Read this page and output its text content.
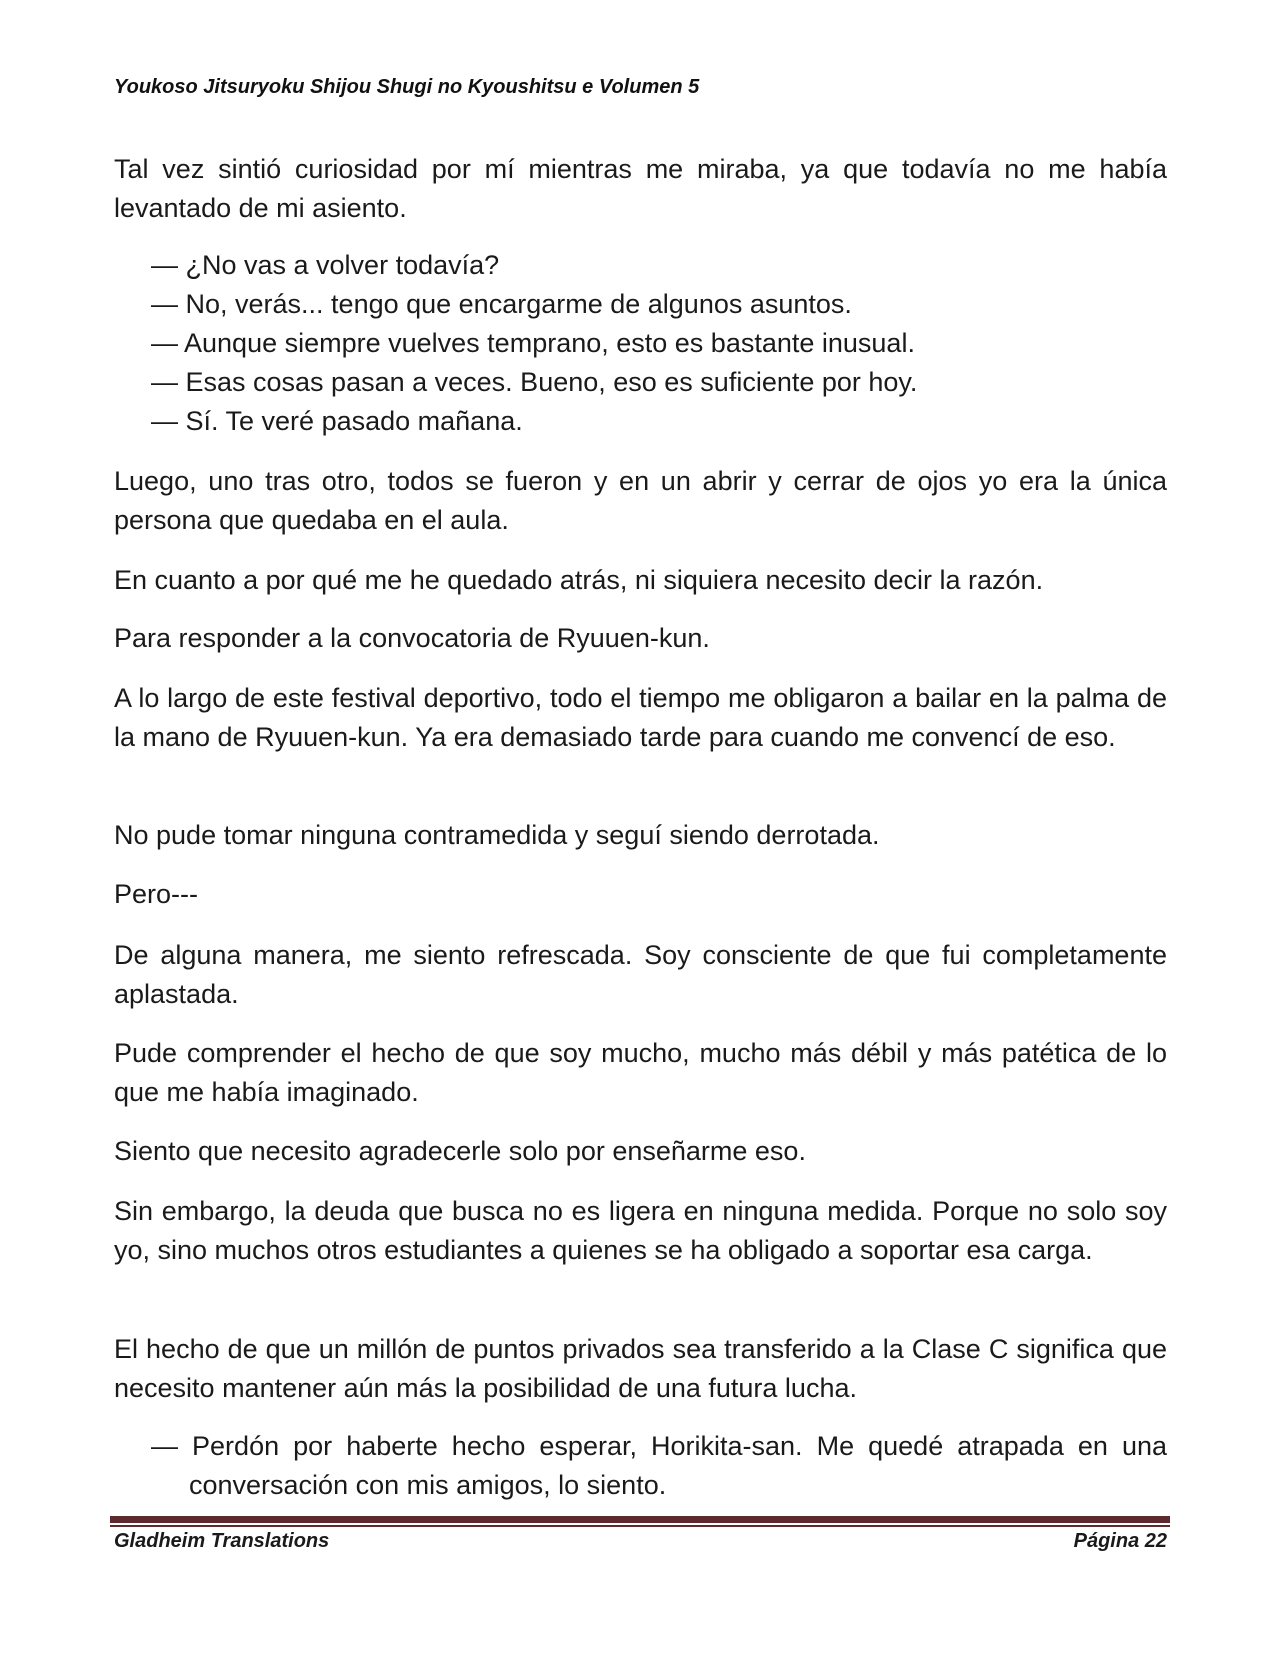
Youkoso Jitsuryoku Shijou Shugi no Kyoushitsu e Volumen 5
Tal vez sintió curiosidad por mí mientras me miraba, ya que todavía no me había levantado de mi asiento.
— ¿No vas a volver todavía?
— No, verás... tengo que encargarme de algunos asuntos.
— Aunque siempre vuelves temprano, esto es bastante inusual.
— Esas cosas pasan a veces. Bueno, eso es suficiente por hoy.
— Sí. Te veré pasado mañana.
Luego, uno tras otro, todos se fueron y en un abrir y cerrar de ojos yo era la única persona que quedaba en el aula.
En cuanto a por qué me he quedado atrás, ni siquiera necesito decir la razón.
Para responder a la convocatoria de Ryuuen-kun.
A lo largo de este festival deportivo, todo el tiempo me obligaron a bailar en la palma de la mano de Ryuuen-kun. Ya era demasiado tarde para cuando me convencí de eso.
No pude tomar ninguna contramedida y seguí siendo derrotada.
Pero---
De alguna manera, me siento refrescada. Soy consciente de que fui completamente aplastada.
Pude comprender el hecho de que soy mucho, mucho más débil y más patética de lo que me había imaginado.
Siento que necesito agradecerle solo por enseñarme eso.
Sin embargo, la deuda que busca no es ligera en ninguna medida. Porque no solo soy yo, sino muchos otros estudiantes a quienes se ha obligado a soportar esa carga.
El hecho de que un millón de puntos privados sea transferido a la Clase C significa que necesito mantener aún más la posibilidad de una futura lucha.
— Perdón por haberte hecho esperar, Horikita-san. Me quedé atrapada en una conversación con mis amigos, lo siento.
Gladheim Translations	Página 22
